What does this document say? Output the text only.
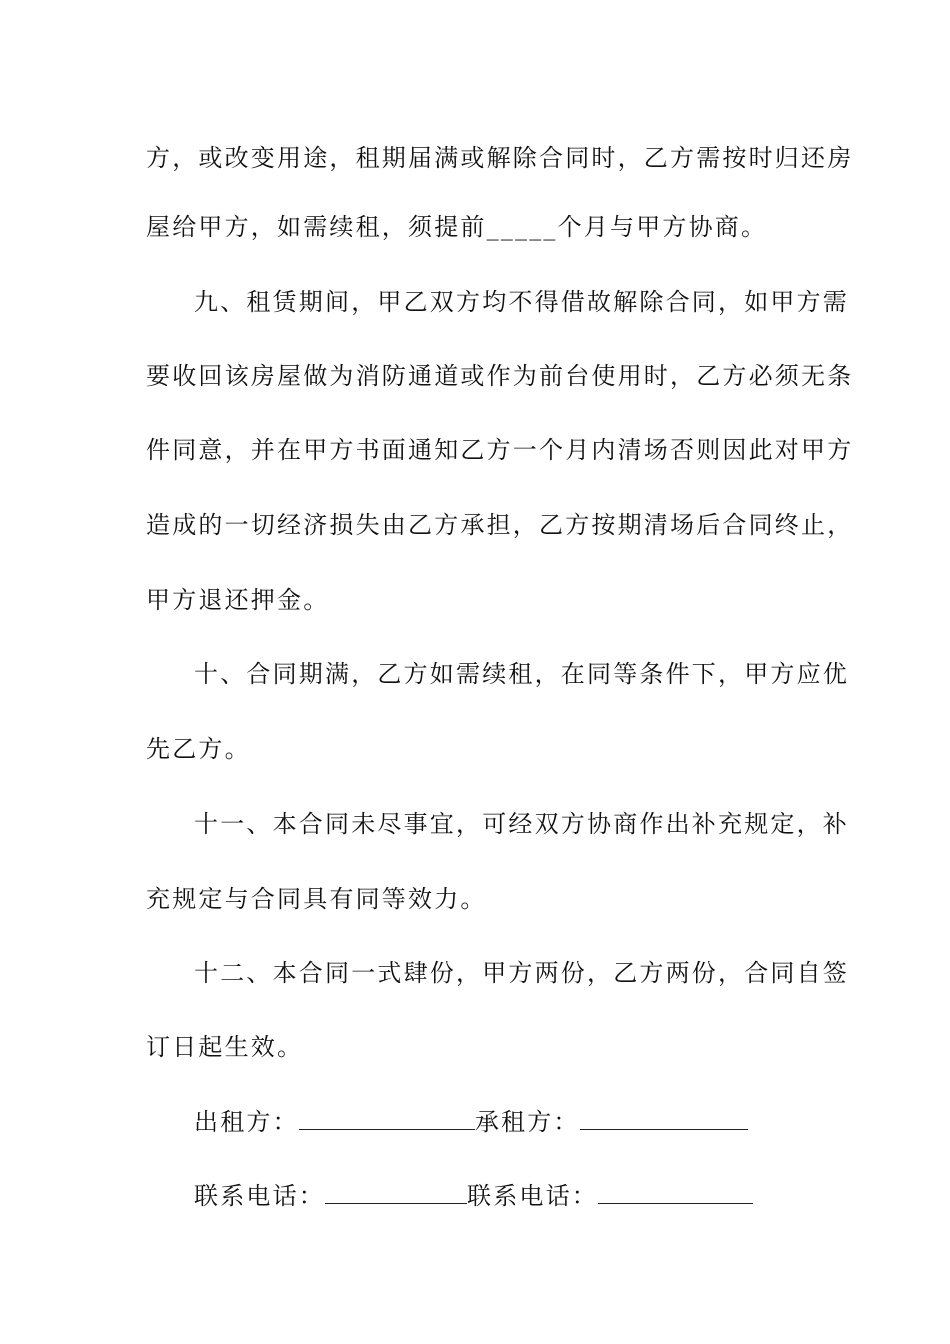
方，或改变用途，租期届满或解除合同时，乙方需按时归还房
屋给甲方，如需续租，须提前_____个月与甲方协商。
九、租赁期间，甲乙双方均不得借故解除合同，如甲方需
要收回该房屋做为消防通道或作为前台使用时，乙方必须无条
件同意，并在甲方书面通知乙方一个月内清场否则因此对甲方
造成的一切经济损失由乙方承担，乙方按期清场后合同终止，
甲方退还押金。
十、合同期满，乙方如需续租，在同等条件下，甲方应优
先乙方。
十一、本合同未尽事宜，可经双方协商作出补充规定，补
充规定与合同具有同等效力。
十二、本合同一式肆份，甲方两份，乙方两份，合同自签
订日起生效。
出租方：	承租方：
联系电话：	联系电话：
